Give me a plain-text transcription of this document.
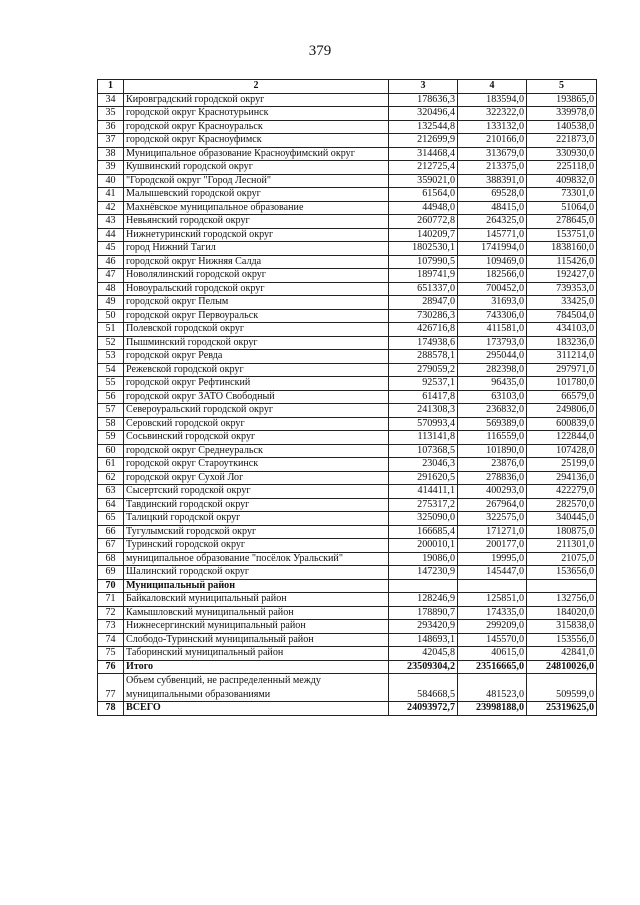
379
1	2	3	4	5
34	Кировградский городской округ	178636,3	183594,0	193865,0
35	городской округ Краснотурьинск	320496,4	322322,0	339978,0
36	городской округ Красноуральск	132544,8	133132,0	140538,0
37	городской округ Красноуфимск	212699,9	210166,0	221873,0
38	Муниципальное образование Красноуфимский округ	314468,4	313679,0	330930,0
39	Кушвинский городской округ	212725,4	213375,0	225118,0
40	"Городской округ "Город Лесной"	359021,0	388391,0	409832,0
41	Малышевский городской округ	61564,0	69528,0	73301,0
42	Махнёвское муниципальное образование	44948,0	48415,0	51064,0
43	Невьянский городской округ	260772,8	264325,0	278645,0
44	Нижнетуринский городской округ	140209,7	145771,0	153751,0
45	город Нижний Тагил	1802530,1	1741994,0	1838160,0
46	городской округ Нижняя Салда	107990,5	109469,0	115426,0
47	Новолялинский городской округ	189741,9	182566,0	192427,0
48	Новоуральский городской округ	651337,0	700452,0	739353,0
49	городской округ Пелым	28947,0	31693,0	33425,0
50	городской округ Первоуральск	730286,3	743306,0	784504,0
51	Полевской городской округ	426716,8	411581,0	434103,0
52	Пышминский городской округ	174938,6	173793,0	183236,0
53	городской округ Ревда	288578,1	295044,0	311214,0
54	Режевской городской округ	279059,2	282398,0	297971,0
55	городской округ Рефтинский	92537,1	96435,0	101780,0
56	городской округ ЗАТО Свободный	61417,8	63103,0	66579,0
57	Североуральский городской округ	241308,3	236832,0	249806,0
58	Серовский городской округ	570993,4	569389,0	600839,0
59	Сосьвинский городской округ	113141,8	116559,0	122844,0
60	городской округ Среднеуральск	107368,5	101890,0	107428,0
61	городской округ Староуткинск	23046,3	23876,0	25199,0
62	городской округ Сухой Лог	291620,5	278836,0	294136,0
63	Сысертский городской округ	414411,1	400293,0	422279,0
64	Тавдинский городской округ	275317,2	267964,0	282570,0
65	Талицкий городской округ	325090,0	322575,0	340445,0
66	Тугулымский городской округ	166685,4	171271,0	180875,0
67	Туринский городской округ	200010,1	200177,0	211301,0
68	муниципальное образование "посёлок Уральский"	19086,0	19995,0	21075,0
69	Шалинский городской округ	147230,9	145447,0	153656,0
70	Муниципальный район			
71	Байкаловский муниципальный район	128246,9	125851,0	132756,0
72	Камышловский муниципальный район	178890,7	174335,0	184020,0
73	Нижнесергинский муниципальный район	293420,9	299209,0	315838,0
74	Слободо-Туринский муниципальный район	148693,1	145570,0	153556,0
75	Таборинский муниципальный район	42045,8	40615,0	42841,0
76	Итого	23509304,2	23516665,0	24810026,0
77	Объем субвенций, не распределенный между муниципальными образованиями	584668,5	481523,0	509599,0
78	ВСЕГО	24093972,7	23998188,0	25319625,0
